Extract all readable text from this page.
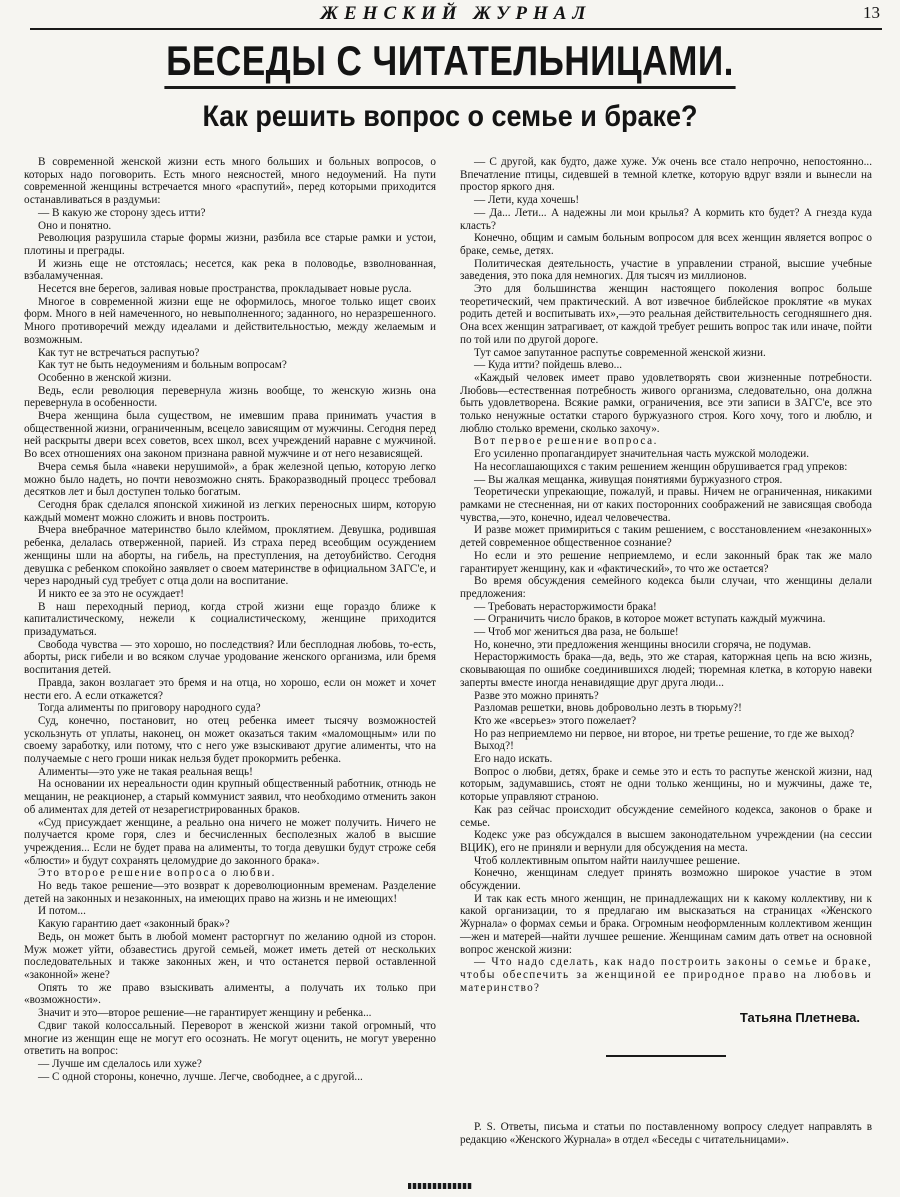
ЖЕНСКИЙ ЖУРНАЛ	13
БЕСЕДЫ С ЧИТАТЕЛЬНИЦАМИ.
Как решить вопрос о семье и браке?

В современной женской жизни есть много больших и больных вопросов, о которых надо поговорить. Есть много неясностей, много недоумений. На пути современной женщины встречается много «распутий», перед которыми приходится останавливаться в раздумьи:

— В какую же сторону здесь итти?

Оно и понятно.

Революция разрушила старые формы жизни, разбила все старые рамки и устои, плотины и преграды.

И жизнь еще не отстоялась; несется, как река в половодье, взволнованная, взбаламученная.

Несется вне берегов, заливая новые пространства, прокладывает новые русла.

Многое в современной жизни еще не оформилось, многое только ищет своих форм. Много в ней намеченного, но невыполненного; заданного, но неразрешенного. Много противоречий между идеалами и действительностью, между желаемым и возможным.

Как тут не встречаться распутью?

Как тут не быть недоумениям и больным вопросам?

Особенно в женской жизни.

Ведь, если революция перевернула жизнь вообще, то женскую жизнь она перевернула в особенности.

Вчера женщина была существом, не имевшим права принимать участия в общественной жизни, ограниченным, всецело зависящим от мужчины. Сегодня перед ней раскрыты двери всех советов, всех школ, всех учреждений наравне с мужчиной. Во всех отношениях она законом признана равной мужчине и от него независящей.

Вчера семья была «навеки нерушимой», а брак железной цепью, которую легко можно было надеть, но почти невозможно снять. Бракоразводный процесс требовал десятков лет и был доступен только богатым.

Сегодня брак сделался японской хижиной из легких переносных ширм, которую каждый момент можно сложить и вновь построить.

Вчера внебрачное материнство было клеймом, проклятием. Девушка, родившая ребенка, делалась отверженной, парией. Из страха перед всеобщим осуждением женщины шли на аборты, на гибель, на преступления, на детоубийство. Сегодня девушка с ребенком спокойно заявляет о своем материнстве в официальном ЗАГС'е, и через народный суд требует с отца доли на воспитание.

И никто ее за это не осуждает!

В наш переходный период, когда строй жизни еще гораздо ближе к капиталистическому, нежели к социалистическому, женщине приходится призадуматься.

Свобода чувства — это хорошо, но последствия? Или бесплодная любовь, то-есть, аборты, риск гибели и во всяком случае уродование женского организма, или бремя воспитания детей.

Правда, закон возлагает это бремя и на отца, но хорошо, если он может и хочет нести его. А если откажется?

Тогда алименты по приговору народного суда?

Суд, конечно, постановит, но отец ребенка имеет тысячу возможностей ускользнуть от уплаты, наконец, он может оказаться таким «маломощным» или по своему заработку, или потому, что с него уже взыскивают другие алименты, что на получаемые с него гроши никак нельзя будет прокормить ребенка.

Алименты—это уже не такая реальная вещь!

На основании их нереальности один крупный общественный работник, отнюдь не мещанин, не реакционер, а старый коммунист заявил, что необходимо отменить закон об алиментах для детей от незарегистрированных браков.

«Суд присуждает женщине, а реально она ничего не может получить. Ничего не получается кроме горя, слез и бесчисленных бесполезных жалоб в высшие учреждения... Если не будет права на алименты, то тогда девушки будут строже себя «блюсти» и будут сохранять целомудрие до законного брака».

Это второе решение вопроса о любви.

Но ведь такое решение—это возврат к дореволюционным временам. Разделение детей на законных и незаконных, на имеющих право на жизнь и не имеющих!

И потом...

Какую гарантию дает «законный брак»?

Ведь, он может быть в любой момент расторгнут по желанию одной из сторон. Муж может уйти, обзавестись другой семьей, может иметь детей от нескольких последовательных и также законных жен, и что останется первой оставленной «законной» жене?

Опять то же право взыскивать алименты, а получать их только при «возможности».

Значит и это—второе решение—не гарантирует женщину и ребенка...

Сдвиг такой колоссальный. Переворот в женской жизни такой огромный, что многие из женщин еще не могут его осознать. Не могут оценить, не могут уверенно ответить на вопрос:

— Лучше им сделалось или хуже?

— С одной стороны, конечно, лучше. Легче, свободнее, а с другой...

— С другой, как будто, даже хуже. Уж очень все стало непрочно, непостоянно... Впечатление птицы, сидевшей в темной клетке, которую вдруг взяли и вынесли на простор яркого дня.

— Лети, куда хочешь!

— Да... Лети... А надежны ли мои крылья? А кормить кто будет? А гнезда куда класть?

Конечно, общим и самым больным вопросом для всех женщин является вопрос о браке, семье, детях.

Политическая деятельность, участие в управлении страной, высшие учебные заведения, это пока для немногих. Для тысяч из миллионов.

Это для большинства женщин настоящего поколения вопрос больше теоретический, чем практический. А вот извечное библейское проклятие «в муках родить детей и воспитывать их»,—это реальная действительность сегодняшнего дня. Она всех женщин затрагивает, от каждой требует решить вопрос так или иначе, пойти по той или по другой дороге.

Тут самое запутанное распутье современной женской жизни.

— Куда итти? пойдешь влево...

«Каждый человек имеет право удовлетворять свои жизненные потребности. Любовь—естественная потребность живого организма, следовательно, она должна быть удовлетворена. Всякие рамки, ограничения, все эти записи в ЗАГС'е, все это только ненужные остатки старого буржуазного строя. Кого хочу, того и люблю, и люблю столько времени, сколько захочу».

Вот первое решение вопроса.

Его усиленно пропагандирует значительная часть мужской молодежи.

На несоглашающихся с таким решением женщин обрушивается град упреков:

— Вы жалкая мещанка, живущая понятиями буржуазного строя.

Теоретически упрекающие, пожалуй, и правы. Ничем не ограниченная, никакими рамками не стесненная, ни от каких посторонних соображений не зависящая свобода чувства,—это, конечно, идеал человечества.

И разве может примириться с таким решением, с восстановлением «незаконных» детей современное общественное сознание?

Но если и это решение неприемлемо, и если законный брак так же мало гарантирует женщину, как и «фактический», то что же остается?

Во время обсуждения семейного кодекса были случаи, что женщины делали предложения:

— Требовать нерасторжимости брака!

— Ограничить число браков, в которое может вступать каждый мужчина.

— Чтоб мог жениться два раза, не больше!

Но, конечно, эти предложения женщины вносили сгоряча, не подумав.

Нерасторжимость брака—да, ведь, это же старая, каторжная цепь на всю жизнь, сковывающая по ошибке соединившихся людей; тюремная клетка, в которую навеки заперты вместе иногда ненавидящие друг друга люди...

Разве это можно принять?

Разломав решетки, вновь добровольно лезть в тюрьму?!

Кто же «всерьез» этого пожелает?

Но раз неприемлемо ни первое, ни второе, ни третье решение, то где же выход?

Выход?!

Его надо искать.

Вопрос о любви, детях, браке и семье это и есть то распутье женской жизни, над которым, задумавшись, стоят не одни только женщины, но и мужчины, даже те, которые управляют страною.

Как раз сейчас происходит обсуждение семейного кодекса, законов о браке и семье.

Кодекс уже раз обсуждался в высшем законодательном учреждении (на сессии ВЦИК), его не приняли и вернули для обсуждения на места.

Чтоб коллективным опытом найти наилучшее решение.

Конечно, женщинам следует принять возможно широкое участие в этом обсуждении.

И так как есть много женщин, не принадлежащих ни к какому коллективу, ни к какой организации, то я предлагаю им высказаться на страницах «Женского Журнала» о формах семьи и брака. Огромным неоформленным коллективом женщин—жен и матерей—найти лучшее решение. Женщинам самим дать ответ на основной вопрос женской жизни:

— Что надо сделать, как надо построить законы о семье и браке, чтобы обеспечить за женщиной ее природное право на любовь и материнство?

Татьяна Плетнева.

Р. S. Ответы, письма и статьи по поставленному вопросу следует направлять в редакцию «Женского Журнала» в отдел «Беседы с читательницами».
